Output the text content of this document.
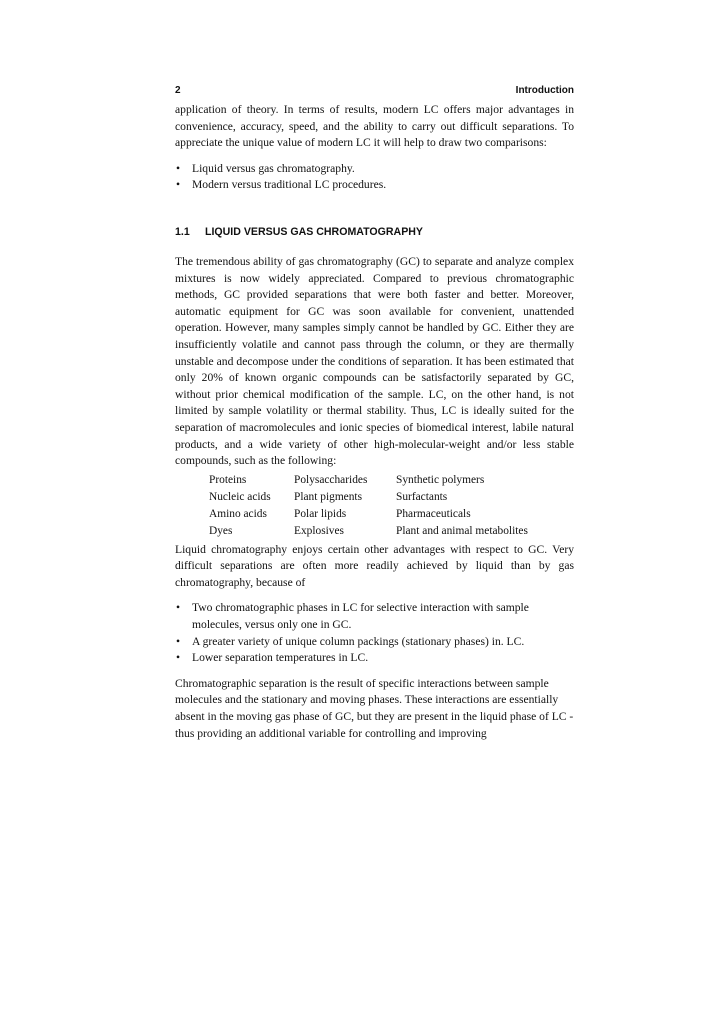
2	Introduction

application of theory. In terms of results, modern LC offers major advantages in convenience, accuracy, speed, and the ability to carry out difficult separations. To appreciate the unique value of modern LC it will help to draw two comparisons:

• Liquid versus gas chromatography.
• Modern versus traditional LC procedures.
1.1	LIQUID VERSUS GAS CHROMATOGRAPHY

The tremendous ability of gas chromatography (GC) to separate and analyze complex mixtures is now widely appreciated. Compared to previous chromatographic methods, GC provided separations that were both faster and better. Moreover, automatic equipment for GC was soon available for convenient, unattended operation. However, many samples simply cannot be handled by GC. Either they are insufficiently volatile and cannot pass through the column, or they are thermally unstable and decompose under the conditions of separation. It has been estimated that only 20% of known organic compounds can be satisfactorily separated by GC, without prior chemical modification of the sample. LC, on the other hand, is not limited by sample volatility or thermal stability. Thus, LC is ideally suited for the separation of macromolecules and ionic species of biomedical interest, labile natural products, and a wide variety of other high-molecular-weight and/or less stable compounds, such as the following:

Proteins	Polysaccharides	Synthetic polymers
Nucleic acids	Plant pigments	Surfactants
Amino acids	Polar lipids	Pharmaceuticals
Dyes	Explosives	Plant and animal metabolites

Liquid chromatography enjoys certain other advantages with respect to GC. Very difficult separations are often more readily achieved by liquid than by gas chromatography, because of

• Two chromatographic phases in LC for selective interaction with sample molecules, versus only one in GC.
• A greater variety of unique column packings (stationary phases) in. LC.
• Lower separation temperatures in LC.

Chromatographic separation is the result of specific interactions between sample molecules and the stationary and moving phases. These interactions are essentially absent in the moving gas phase of GC, but they are present in the liquid phase of LC - thus providing an additional variable for controlling and improving
